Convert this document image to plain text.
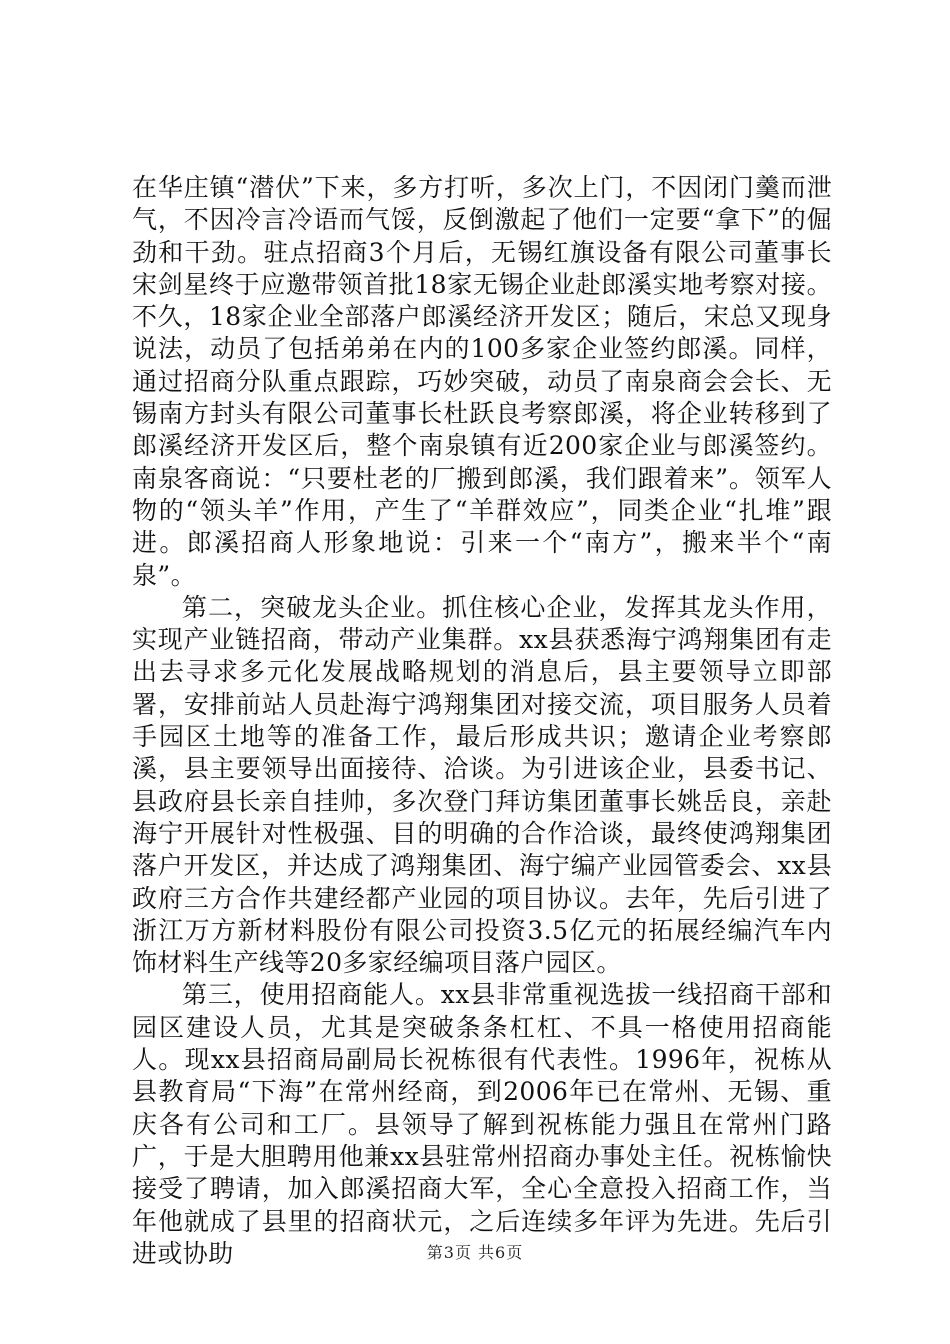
在华庄镇“潜伏”下来，多方打听，多次上门，不因闭门羹而泄气，不因冷言冷语而气馁，反倒激起了他们一定要“拿下”的倔劲和干劲。驻点招商3个月后，无锡红旗设备有限公司董事长宋剑星终于应邀带领首批18家无锡企业赴郎溪实地考察对接。不久，18家企业全部落户郎溪经济开发区；随后，宋总又现身说法，动员了包括弟弟在内的100多家企业签约郎溪。同样，通过招商分队重点跟踪，巧妙突破，动员了南泉商会会长、无锡南方封头有限公司董事长杜跃良考察郎溪，将企业转移到了郎溪经济开发区后，整个南泉镇有近200家企业与郎溪签约。南泉客商说：“只要杜老的厂搬到郎溪，我们跟着来”。领军人物的“领头羊”作用，产生了“羊群效应”，同类企业“扎堆”跟进。郎溪招商人形象地说：引来一个“南方”，搬来半个“南泉”。

第二，突破龙头企业。抓住核心企业，发挥其龙头作用，实现产业链招商，带动产业集群。xx县获悉海宁鸿翔集团有走出去寻求多元化发展战略规划的消息后，县主要领导立即部署，安排前站人员赴海宁鸿翔集团对接交流，项目服务人员着手园区土地等的准备工作，最后形成共识；邀请企业考察郎溪，县主要领导出面接待、洽谈。为引进该企业，县委书记、县政府县长亲自挂帅，多次登门拜访集团董事长姚岳良，亲赴海宁开展针对性极强、目的明确的合作洽谈，最终使鸿翔集团落户开发区，并达成了鸿翔集团、海宁编产业园管委会、xx县政府三方合作共建经都产业园的项目协议。去年，先后引进了浙江万方新材料股份有限公司投资3.5亿元的拓展经编汽车内饰材料生产线等20多家经编项目落户园区。

第三，使用招商能人。xx县非常重视选拔一线招商干部和园区建设人员，尤其是突破条条杠杠、不具一格使用招商能人。现xx县招商局副局长祝栋很有代表性。1996年，祝栋从县教育局“下海”在常州经商，到2006年已在常州、无锡、重庆各有公司和工厂。县领导了解到祝栋能力强且在常州门路广，于是大胆聘用他兼xx县驻常州招商办事处主任。祝栋愉快接受了聘请，加入郎溪招商大军，全心全意投入招商工作，当年他就成了县里的招商状元，之后连续多年评为先进。先后引进或协助	第3页 共6页
